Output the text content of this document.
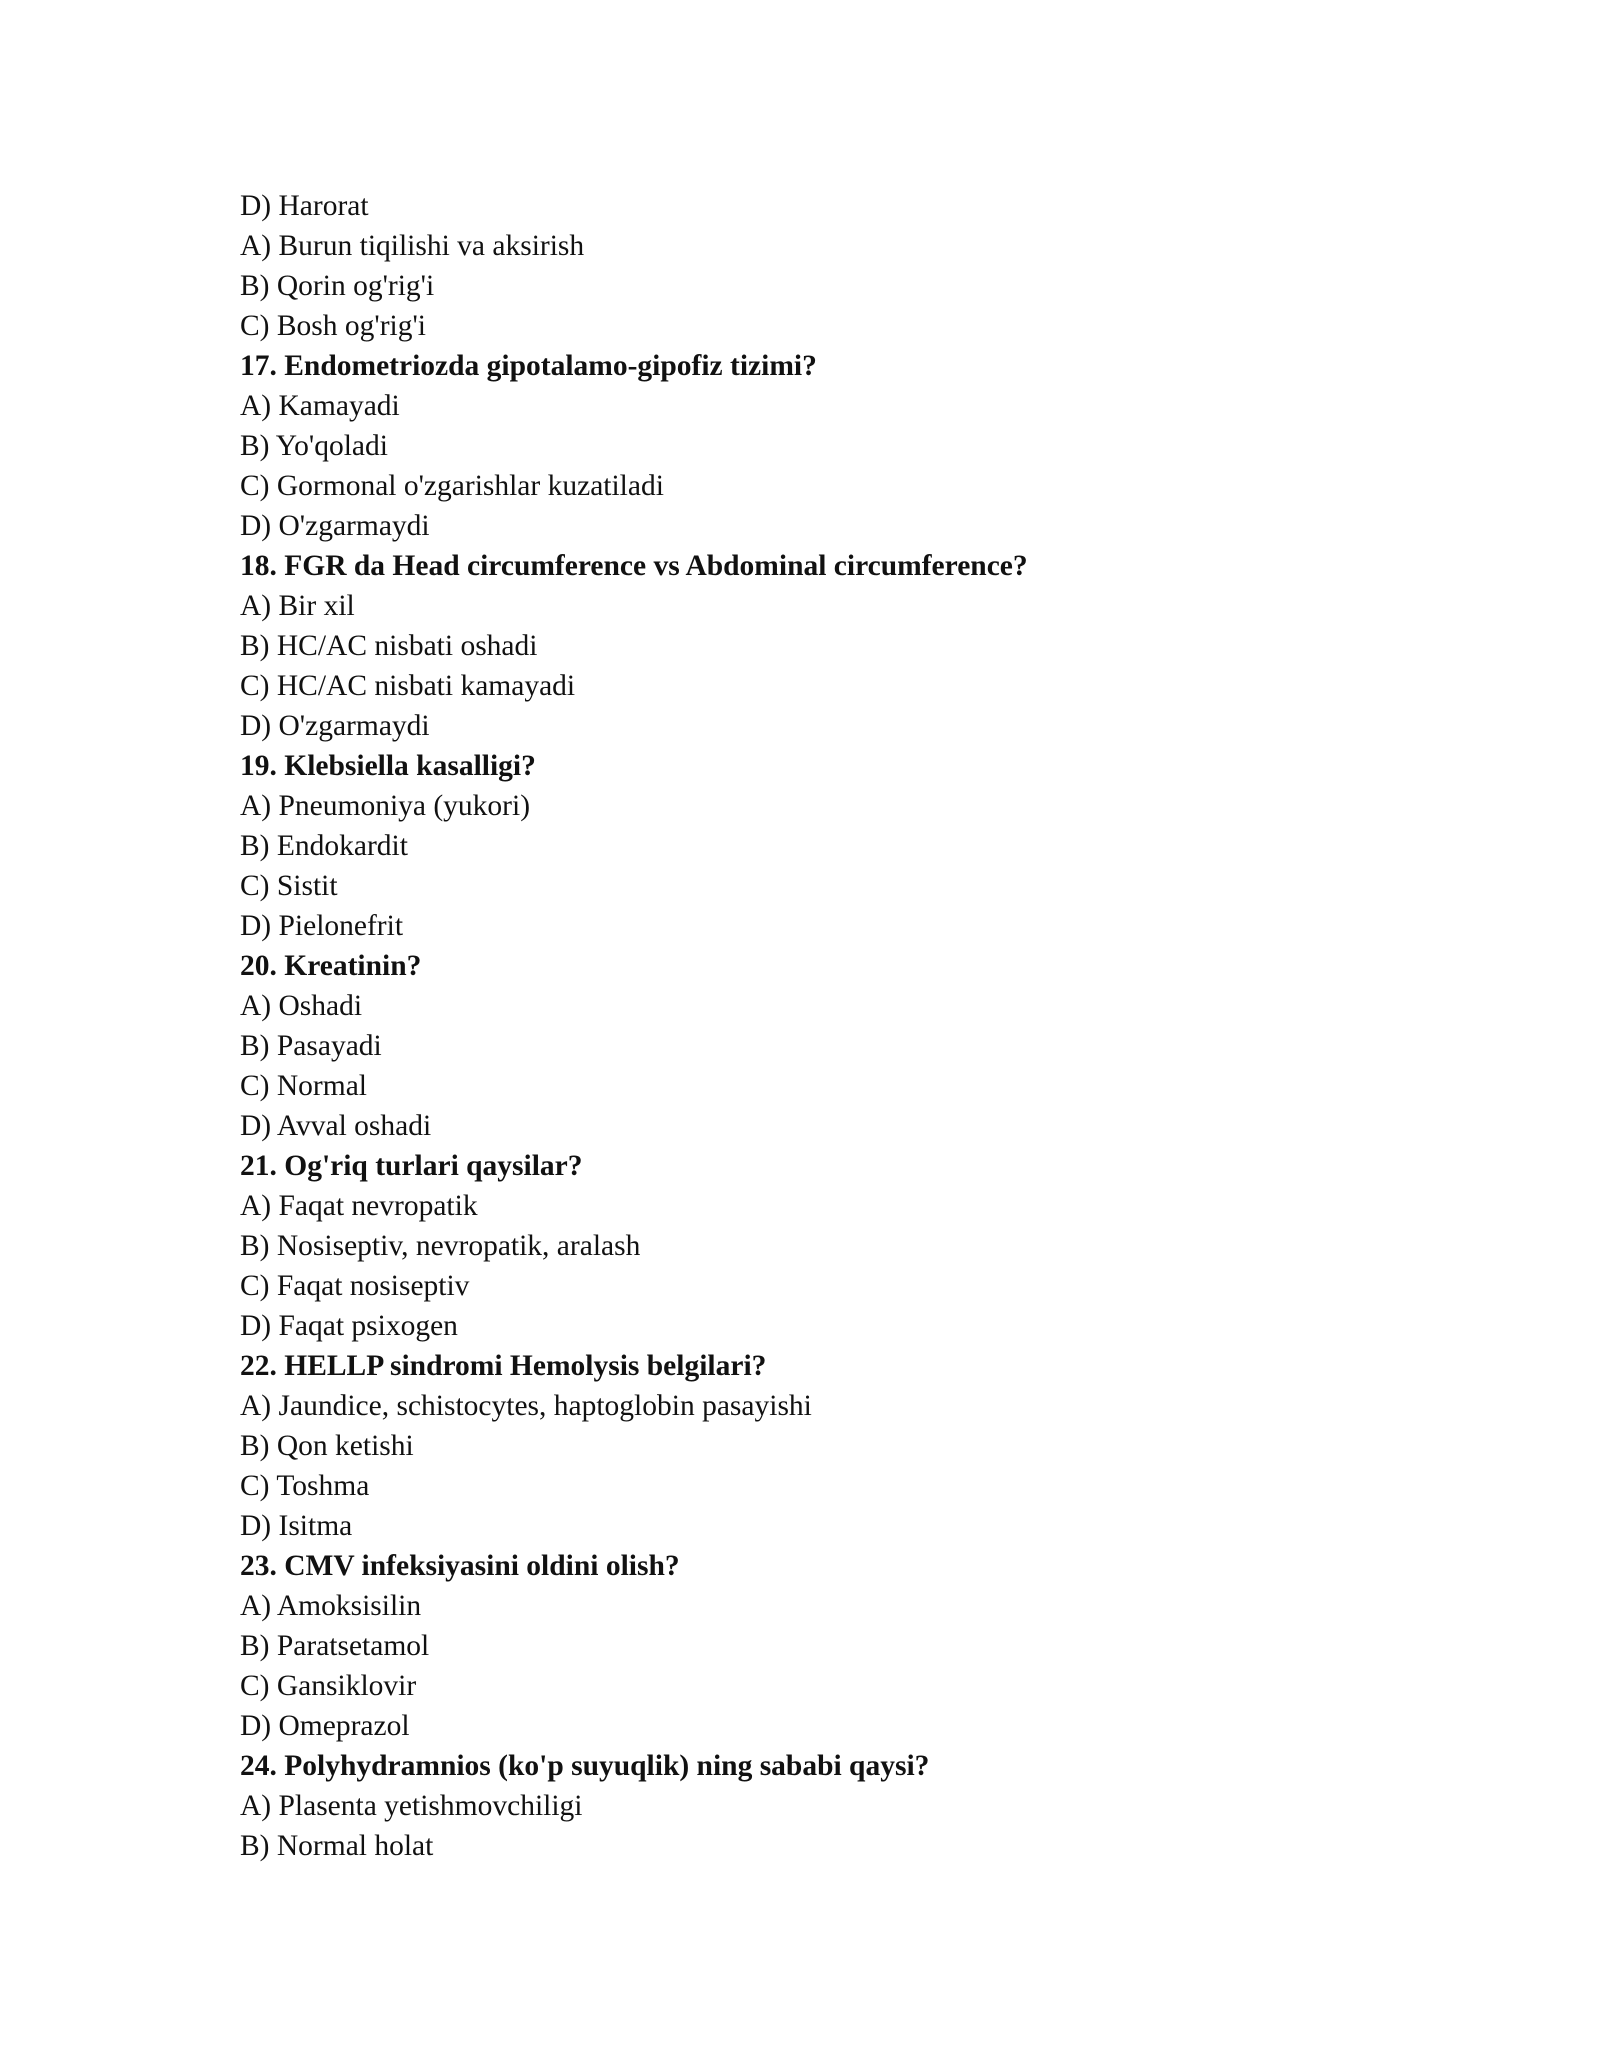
D) Harorat
A) Burun tiqilishi va aksirish
B) Qorin og'rig'i
C) Bosh og'rig'i
17. Endometriozda gipotalamo-gipofiz tizimi?
A) Kamayadi
B) Yo'qoladi
C) Gormonal o'zgarishlar kuzatiladi
D) O'zgarmaydi
18. FGR da Head circumference vs Abdominal circumference?
A) Bir xil
B) HC/AC nisbati oshadi
C) HC/AC nisbati kamayadi
D) O'zgarmaydi
19. Klebsiella kasalligi?
A) Pneumoniya (yukori)
B) Endokardit
C) Sistit
D) Pielonefrit
20. Kreatinin?
A) Oshadi
B) Pasayadi
C) Normal
D) Avval oshadi
21. Og'riq turlari qaysilar?
A) Faqat nevropatik
B) Nosiseptiv, nevropatik, aralash
C) Faqat nosiseptiv
D) Faqat psixogen
22. HELLP sindromi Hemolysis belgilari?
A) Jaundice, schistocytes, haptoglobin pasayishi
B) Qon ketishi
C) Toshma
D) Isitma
23. CMV infeksiyasini oldini olish?
A) Amoksisilin
B) Paratsetamol
C) Gansiklovir
D) Omeprazol
24. Polyhydramnios (ko'p suyuqlik) ning sababi qaysi?
A) Plasenta yetishmovchiligi
B) Normal holat
